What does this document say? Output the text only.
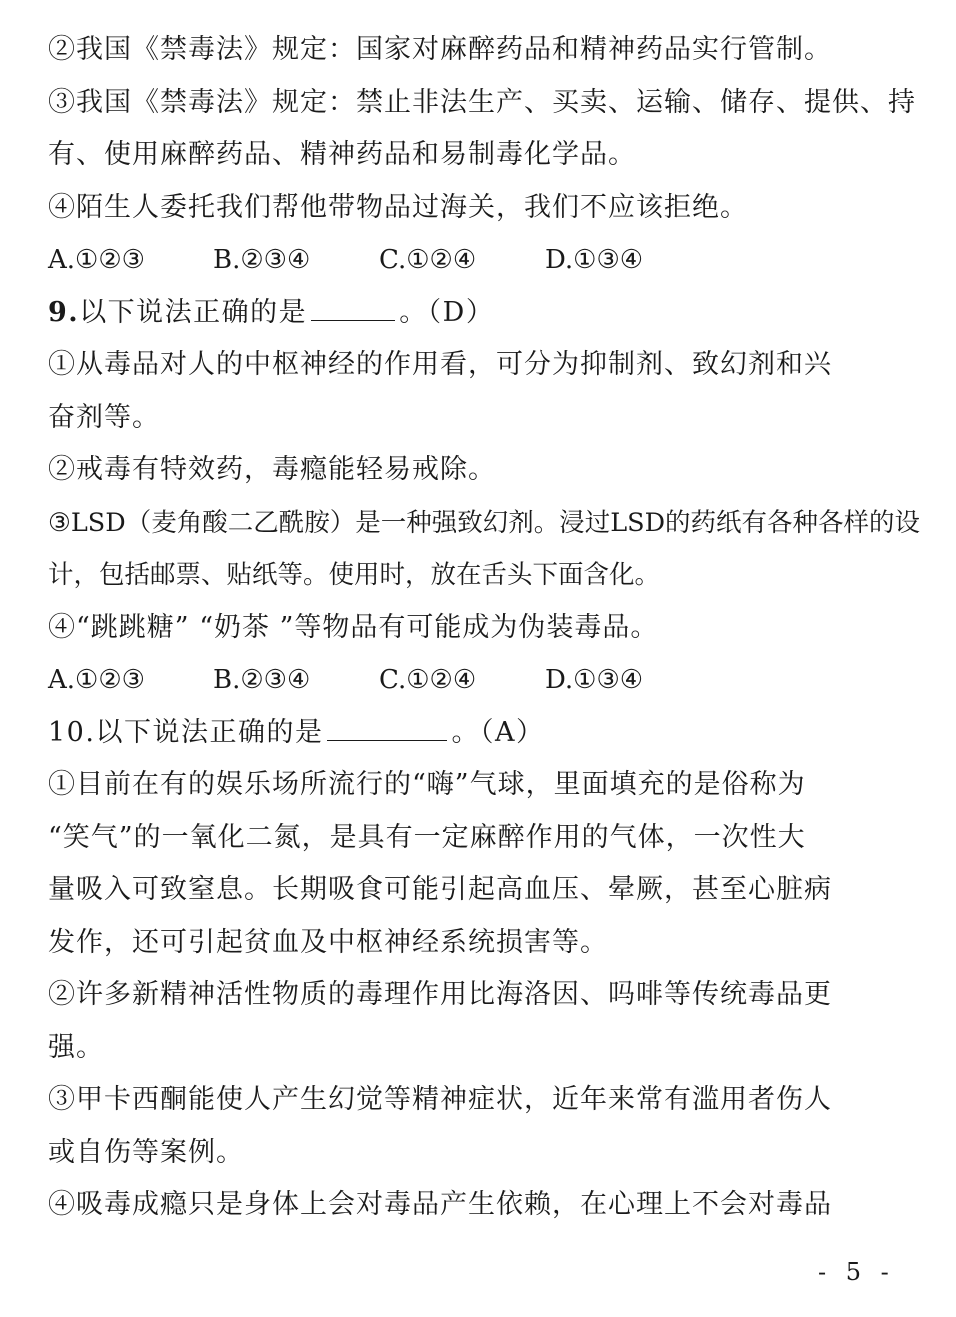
②我国《禁毒法》规定：国家对麻醉药品和精神药品实行管制。
③我国《禁毒法》规定：禁止非法生产、买卖、运输、储存、提供、持
有、使用麻醉药品、精神药品和易制毒化学品。
④陌生人委托我们帮他带物品过海关，我们不应该拒绝。
A.①②③	B.②③④	C.①②④	D.①③④
9.以下说法正确的是	。（D）
①从毒品对人的中枢神经的作用看，可分为抑制剂、致幻剂和兴
奋剂等。
②戒毒有特效药，毒瘾能轻易戒除。
③LSD（麦角酸二乙酰胺）是一种强致幻剂。浸过LSD的药纸有各种各样的设
计，包括邮票、贴纸等。使用时，放在舌头下面含化。
④“跳跳糖” “奶茶 ”等物品有可能成为伪装毒品。
A.①②③	B.②③④	C.①②④	D.①③④
10.以下说法正确的是	。（A）
①目前在有的娱乐场所流行的“嗨”气球，里面填充的是俗称为
“笑气”的一氧化二氮，是具有一定麻醉作用的气体，一次性大
量吸入可致窒息。长期吸食可能引起高血压、晕厥，甚至心脏病
发作，还可引起贫血及中枢神经系统损害等。
②许多新精神活性物质的毒理作用比海洛因、吗啡等传统毒品更
强。
③甲卡西酮能使人产生幻觉等精神症状，近年来常有滥用者伤人
或自伤等案例。
④吸毒成瘾只是身体上会对毒品产生依赖，在心理上不会对毒品
- 5 -
